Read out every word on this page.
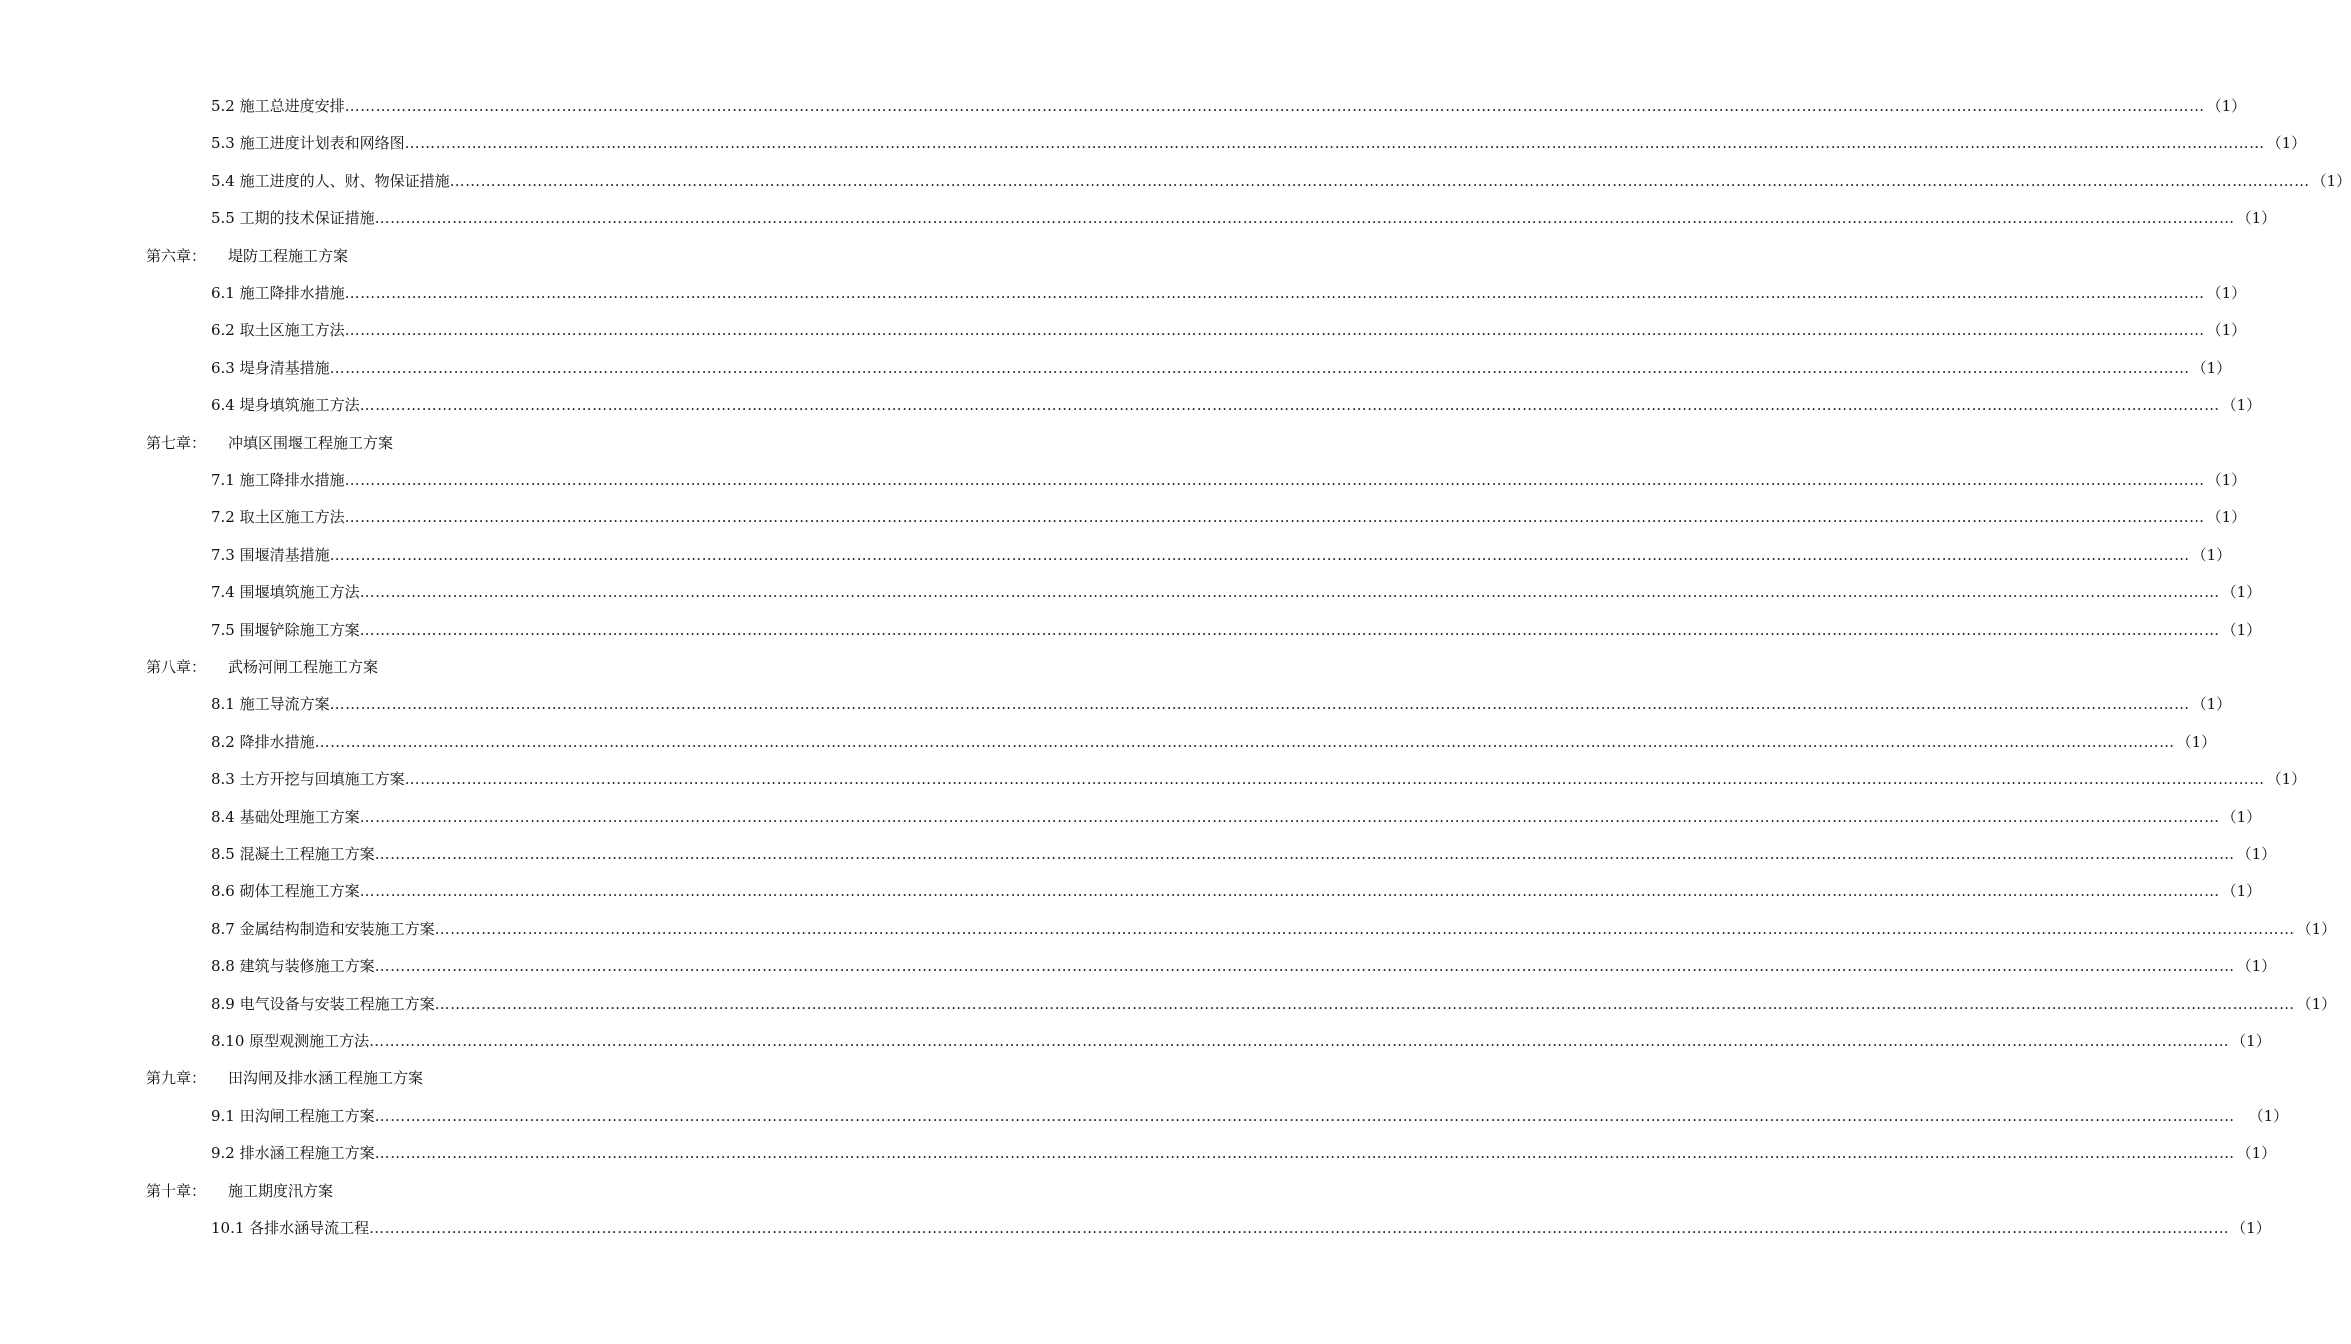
5.2 施工总进度安排 ……………………………………………………………………………………………………………………………………………………………………………………………………………………………………………………………………………………………………………………………… （1）
5.3 施工进度计划表和网络图 ……………………………………………………………………………………………………………………………………………………………………………………………………………………………………………………………………………………………………………………………… （1）
5.4 施工进度的人、财、物保证措施 ……………………………………………………………………………………………………………………………………………………………………………………………………………………………………………………………………………………………………………………………… （1）
5.5 工期的技术保证措施 ……………………………………………………………………………………………………………………………………………………………………………………………………………………………………………………………………………………………………………………………… （1）
第六章： 堤防工程施工方案
6.1 施工降排水措施 ……………………………………………………………………………………………………………………………………………………………………………………………………………………………………………………………………………………………………………………………… （1）
6.2 取土区施工方法 ……………………………………………………………………………………………………………………………………………………………………………………………………………………………………………………………………………………………………………………………… （1）
6.3 堤身清基措施 ……………………………………………………………………………………………………………………………………………………………………………………………………………………………………………………………………………………………………………………………… （1）
6.4 堤身填筑施工方法 ……………………………………………………………………………………………………………………………………………………………………………………………………………………………………………………………………………………………………………………………… （1）
第七章： 冲填区围堰工程施工方案
7.1 施工降排水措施 ……………………………………………………………………………………………………………………………………………………………………………………………………………………………………………………………………………………………………………………………… （1）
7.2 取土区施工方法 ……………………………………………………………………………………………………………………………………………………………………………………………………………………………………………………………………………………………………………………………… （1）
7.3 围堰清基措施 ……………………………………………………………………………………………………………………………………………………………………………………………………………………………………………………………………………………………………………………………… （1）
7.4 围堰填筑施工方法 ……………………………………………………………………………………………………………………………………………………………………………………………………………………………………………………………………………………………………………………………… （1）
7.5 围堰铲除施工方案 ……………………………………………………………………………………………………………………………………………………………………………………………………………………………………………………………………………………………………………………………… （1）
第八章： 武杨河闸工程施工方案
8.1 施工导流方案 ……………………………………………………………………………………………………………………………………………………………………………………………………………………………………………………………………………………………………………………………… （1）
8.2 降排水措施 ……………………………………………………………………………………………………………………………………………………………………………………………………………………………………………………………………………………………………………………………… （1）
8.3 土方开挖与回填施工方案 ……………………………………………………………………………………………………………………………………………………………………………………………………………………………………………………………………………………………………………………………… （1）
8.4 基础处理施工方案 ……………………………………………………………………………………………………………………………………………………………………………………………………………………………………………………………………………………………………………………………… （1）
8.5 混凝土工程施工方案 ……………………………………………………………………………………………………………………………………………………………………………………………………………………………………………………………………………………………………………………………… （1）
8.6 砌体工程施工方案 ……………………………………………………………………………………………………………………………………………………………………………………………………………………………………………………………………………………………………………………………… （1）
8.7 金属结构制造和安装施工方案 ……………………………………………………………………………………………………………………………………………………………………………………………………………………………………………………………………………………………………………………………… （1）
8.8 建筑与装修施工方案 ……………………………………………………………………………………………………………………………………………………………………………………………………………………………………………………………………………………………………………………………… （1）
8.9 电气设备与安装工程施工方案 ……………………………………………………………………………………………………………………………………………………………………………………………………………………………………………………………………………………………………………………………… （1）
8.10 原型观测施工方法 ……………………………………………………………………………………………………………………………………………………………………………………………………………………………………………………………………………………………………………………………… （1）
第九章： 田沟闸及排水涵工程施工方案
9.1 田沟闸工程施工方案 ……………………………………………………………………………………………………………………………………………………………………………………………………………………………………………………………………………………………………………………………… （1）
9.2 排水涵工程施工方案 ……………………………………………………………………………………………………………………………………………………………………………………………………………………………………………………………………………………………………………………………… （1）
第十章： 施工期度汛方案
10.1 各排水涵导流工程 ……………………………………………………………………………………………………………………………………………………………………………………………………………………………………………………………………………………………………………………………… （1）
